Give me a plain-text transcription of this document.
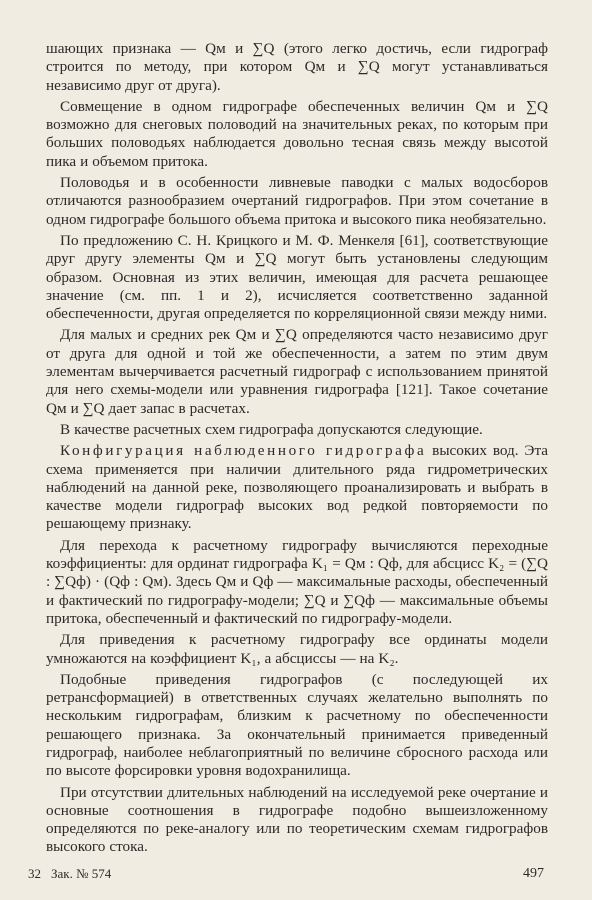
шающих признака — Qм и ∑Q (этого легко достичь, если гидрограф строится по методу, при котором Qм и ∑Q могут устанавливаться независимо друг от друга).

Совмещение в одном гидрографе обеспеченных величин Qм и ∑Q возможно для снеговых половодий на значительных реках, по которым при больших половодьях наблюдается довольно тесная связь между высотой пика и объемом притока.

Половодья и в особенности ливневые паводки с малых водосборов отличаются разнообразием очертаний гидрографов. При этом сочетание в одном гидрографе большого объема притока и высокого пика необязательно.

По предложению С. Н. Крицкого и М. Ф. Менкеля [61], соответствующие друг другу элементы Qм и ∑Q могут быть установлены следующим образом. Основная из этих величин, имеющая для расчета решающее значение (см. пп. 1 и 2), исчисляется соответственно заданной обеспеченности, другая определяется по корреляционной связи между ними.

Для малых и средних рек Qм и ∑Q определяются часто независимо друг от друга для одной и той же обеспеченности, а затем по этим двум элементам вычерчивается расчетный гидрограф с использованием принятой для него схемы-модели или уравнения гидрографа [121]. Такое сочетание Qм и ∑Q дает запас в расчетах.

В качестве расчетных схем гидрографа допускаются следующие.

Конфигурация наблюденного гидрографа высоких вод. Эта схема применяется при наличии длительного ряда гидрометрических наблюдений на данной реке, позволяющего проанализировать и выбрать в качестве модели гидрограф высоких вод редкой повторяемости по решающему признаку.

Для перехода к расчетному гидрографу вычисляются переходные коэффициенты: для ординат гидрографа K₁ = Qм : Qф, для абсцисс K₂ = (∑Q : ∑Qф) · (Qф : Qм). Здесь Qм и Qф — максимальные расходы, обеспеченный и фактический по гидрографу-модели; ∑Q и ∑Qф — максимальные объемы притока, обеспеченный и фактический по гидрографу-модели.

Для приведения к расчетному гидрографу все ординаты модели умножаются на коэффициент K₁, а абсциссы — на K₂.

Подобные приведения гидрографов (с последующей их ретрансформацией) в ответственных случаях желательно выполнять по нескольким гидрографам, близким к расчетному по обеспеченности решающего признака. За окончательный принимается приведенный гидрограф, наиболее неблагоприятный по величине сбросного расхода или по высоте форсировки уровня водохранилища.

При отсутствии длительных наблюдений на исследуемой реке очертание и основные соотношения в гидрографе подобно вышеизложенному определяются по реке-аналогу или по теоретическим схемам гидрографов высокого стока.

32 Зак. № 574	497
